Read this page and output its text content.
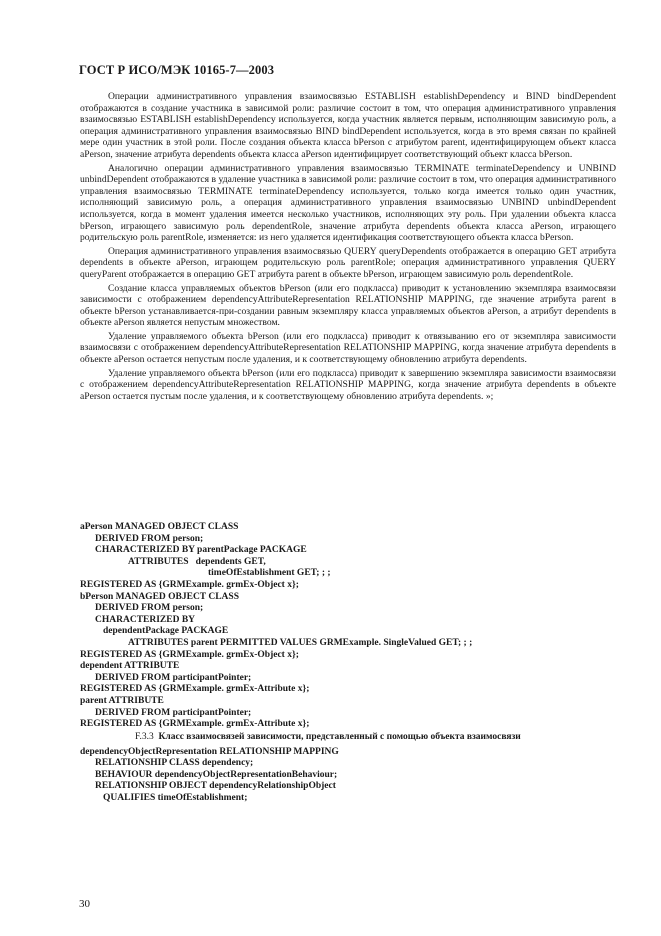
ГОСТ Р ИСО/МЭК 10165-7—2003

Операции административного управления взаимосвязью ESTABLISH establishDependency и BIND bindDependent отображаются в создание участника в зависимой роли: различие состоит в том, что операция административного управления взаимосвязью ESTABLISH establishDependency используется, когда участник является первым, исполняющим зависимую роль, а операция административного управления взаимосвязью BIND bindDependent используется, когда в это время связан по крайней мере один участник в этой роли. После создания объекта класса bPerson с атрибутом parent, идентифицирующем объект класса aPerson, значение атрибута dependents объекта класса aPerson идентифицирует соответствующий объект класса bPerson.

Аналогично операции административного управления взаимосвязью TERMINATE terminateDependency и UNBIND unbindDependent отображаются в удаление участника в зависимой роли: различие состоит в том, что операция административного управления взаимосвязью TERMINATE terminateDependency используется, только когда имеется только один участник, исполняющий зависимую роль, а операция административного управления взаимосвязью UNBIND unbindDependent используется, когда в момент удаления имеется несколько участников, исполняющих эту роль. При удалении объекта класса bPerson, играющего зависимую роль dependentRole, значение атрибута dependents объекта класса aPerson, играющего родительскую роль parentRole, изменяется: из него удаляется идентификация соответствующего объекта класса bPerson.

Операция административного управления взаимосвязью QUERY queryDependents отображается в операцию GET атрибута dependents в объекте aPerson, играющем родительскую роль parentRole; операция административного управления QUERY queryParent отображается в операцию GET атрибута parent в объекте bPerson, играющем зависимую роль dependentRole.

Создание класса управляемых объектов bPerson (или его подкласса) приводит к установлению экземпляра взаимосвязи зависимости с отображением dependencyAttributeRepresentation RELATIONSHIP MAPPING, где значение атрибута parent в объекте bPerson устанавливается-при-создании равным экземпляру класса управляемых объектов aPerson, а атрибут dependents в объекте aPerson является непустым множеством.

Удаление управляемого объекта bPerson (или его подкласса) приводит к отвязыванию его от экземпляра зависимости взаимосвязи с отображением dependencyAttributeRepresentation RELATIONSHIP MAPPING, когда значение атрибута dependents в объекте aPerson остается непустым после удаления, и к соответствующему обновлению атрибута dependents.

Удаление управляемого объекта bPerson (или его подкласса) приводит к завершению экземпляра зависимости взаимосвязи с отображением dependencyAttributeRepresentation RELATIONSHIP MAPPING, когда значение атрибута dependents в объекте aPerson остается пустым после удаления, и к соответствующему обновлению атрибута dependents. »;

aPerson MANAGED OBJECT CLASS
DERIVED FROM person;
CHARACTERIZED BY parentPackage PACKAGE
ATTRIBUTES   dependents GET,
timeOfEstablishment GET; ; ;
REGISTERED AS {GRMExample. grmEx-Object x};
bPerson MANAGED OBJECT CLASS
DERIVED FROM person;
CHARACTERIZED BY
dependentPackage PACKAGE
ATTRIBUTES parent PERMITTED VALUES GRMExample. SingleValued GET; ; ;
REGISTERED AS {GRMExample. grmEx-Object x};
dependent ATTRIBUTE
DERIVED FROM participantPointer;
REGISTERED AS {GRMExample. grmEx-Attribute x};
parent ATTRIBUTE
DERIVED FROM participantPointer;
REGISTERED AS {GRMExample. grmEx-Attribute x};
F.3.3 Класс взаимосвязей зависимости, представленный с помощью объекта взаимосвязи
dependencyObjectRepresentation RELATIONSHIP MAPPING
RELATIONSHIP CLASS dependency;
BEHAVIOUR dependencyObjectRepresentationBehaviour;
RELATIONSHIP OBJECT dependencyRelationshipObject
QUALIFIES timeOfEstablishment;
30
